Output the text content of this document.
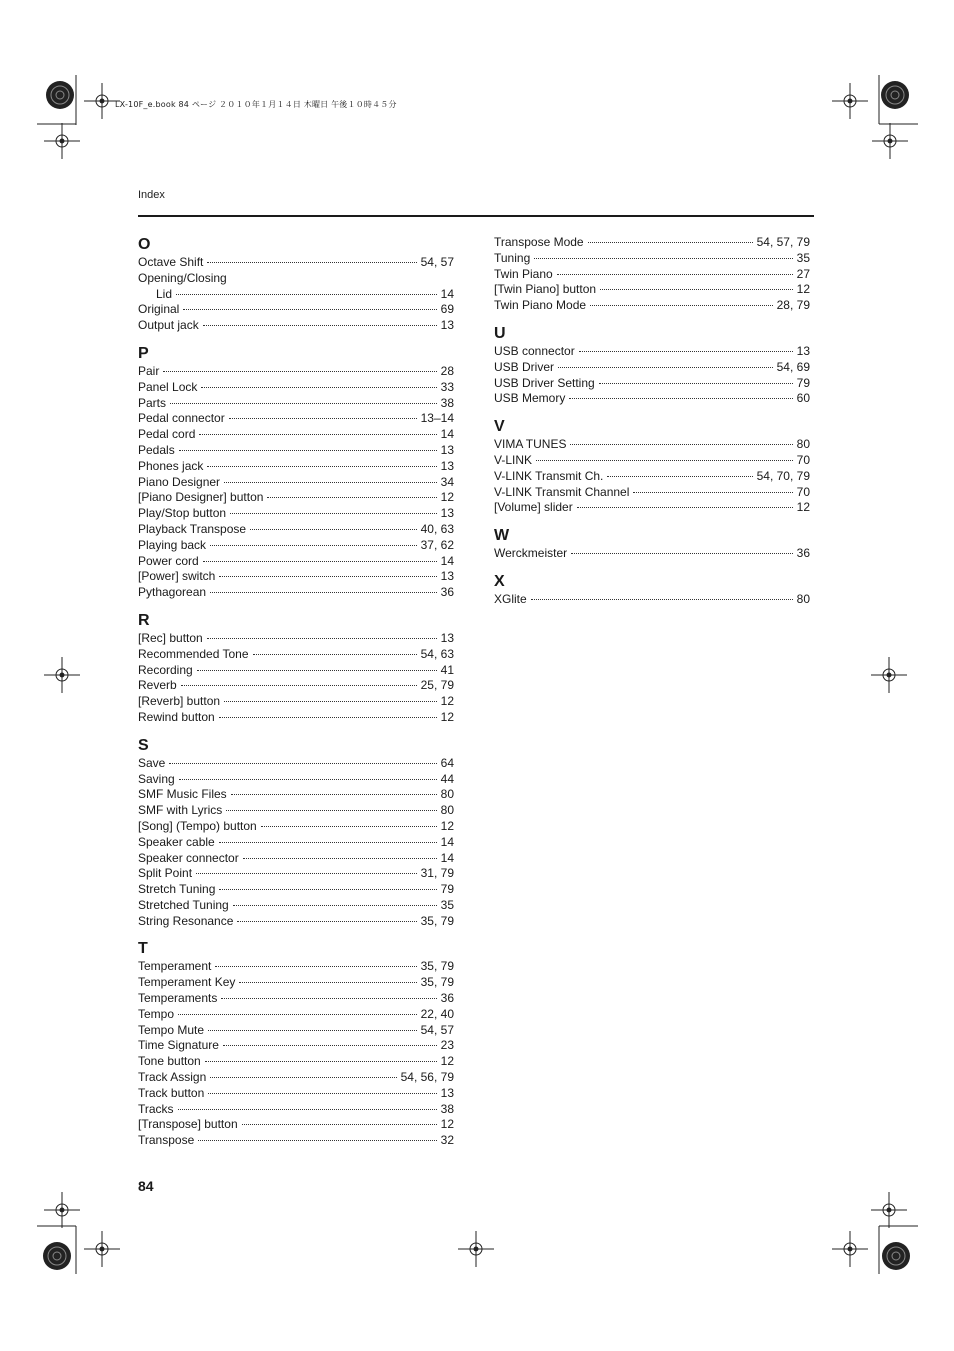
LX-10F_e.book 84 ページ ２０１０年１月１４日 木曜日 午後１０時４５分
Index
O
Octave Shift	54, 57
Opening/Closing
Lid	14
Original	69
Output jack	13
P
Pair	28
Panel Lock	33
Parts	38
Pedal connector	13–14
Pedal cord	14
Pedals	13
Phones jack	13
Piano Designer	34
[Piano Designer] button	12
Play/Stop button	13
Playback Transpose	40, 63
Playing back	37, 62
Power cord	14
[Power] switch	13
Pythagorean	36
R
[Rec] button	13
Recommended Tone	54, 63
Recording	41
Reverb	25, 79
[Reverb] button	12
Rewind button	12
S
Save	64
Saving	44
SMF Music Files	80
SMF with Lyrics	80
[Song] (Tempo) button	12
Speaker cable	14
Speaker connector	14
Split Point	31, 79
Stretch Tuning	79
Stretched Tuning	35
String Resonance	35, 79
T
Temperament	35, 79
Temperament Key	35, 79
Temperaments	36
Tempo	22, 40
Tempo Mute	54, 57
Time Signature	23
Tone button	12
Track Assign	54, 56, 79
Track button	13
Tracks	38
[Transpose] button	12
Transpose	32
Transpose Mode	54, 57, 79
Tuning	35
Twin Piano	27
[Twin Piano] button	12
Twin Piano Mode	28, 79
U
USB connector	13
USB Driver	54, 69
USB Driver Setting	79
USB Memory	60
V
VIMA TUNES	80
V-LINK	70
V-LINK Transmit Ch.	54, 70, 79
V-LINK Transmit Channel	70
[Volume] slider	12
W
Werckmeister	36
X
XGlite	80
84
